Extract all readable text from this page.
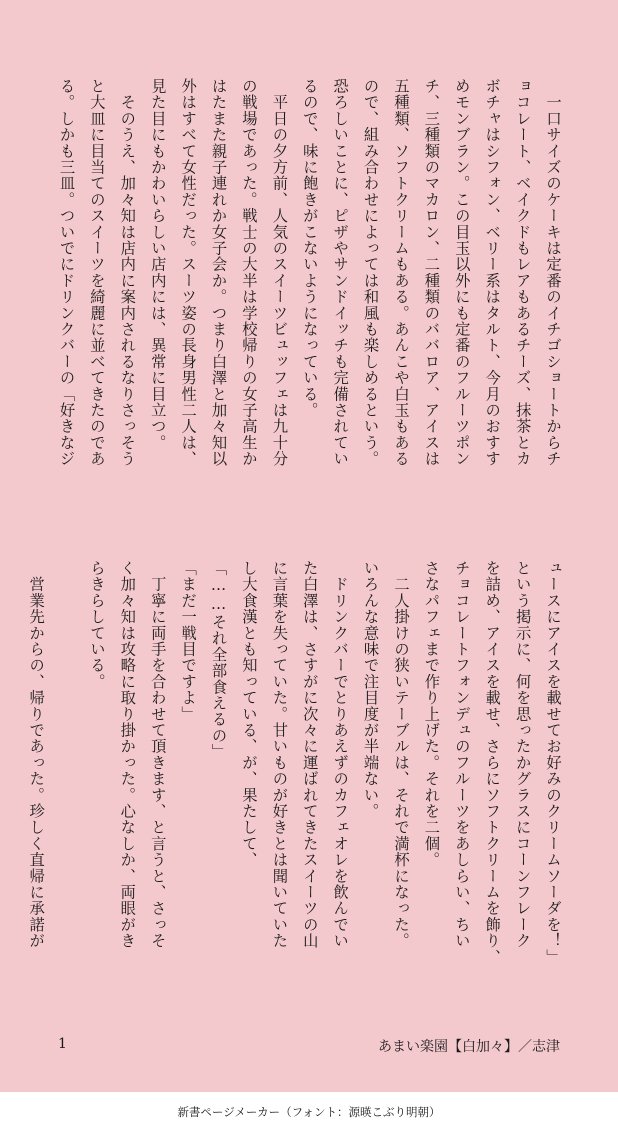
　一口サイズのケーキは定番のイチゴショートからチ
ョコレート、ベイクドもレアもあるチーズ、抹茶とカ
ボチャはシフォン、ベリー系はタルト、今月のおすす
めモンブラン。この目玉以外にも定番のフルーツポン
チ、三種類のマカロン、二種類のババロア、アイスは
五種類、ソフトクリームもある。あんこや白玉もある
ので、組み合わせによっては和風も楽しめるという。
恐ろしいことに、ピザやサンドイッチも完備されてい
るので、味に飽きがこないようになっている。
　平日の夕方前、人気のスイーツビュッフェは九十分
の戦場であった。戦士の大半は学校帰りの女子高生か
はたまた親子連れか女子会か。つまり白澤と加々知以
外はすべて女性だった。スーツ姿の長身男性二人は、
見た目にもかわいらしい店内には、異常に目立つ。
　そのうえ、加々知は店内に案内されるなりさっそう
と大皿に目当てのスイーツを綺麗に並べてきたのであ
る。しかも三皿。ついでにドリンクバーの「好きなジ
ュースにアイスを載せてお好みのクリームソーダを！」
という掲示に、何を思ったかグラスにコーンフレーク
を詰め、アイスを載せ、さらにソフトクリームを飾り、
チョコレートフォンデュのフルーツをあしらい、ちい
さなパフェまで作り上げた。それを二個。
　二人掛けの狭いテーブルは、それで満杯になった。
いろんな意味で注目度が半端ない。
　ドリンクバーでとりあえずのカフェオレを飲んでい
た白澤は、さすがに次々に運ばれてきたスイーツの山
に言葉を失っていた。甘いものが好きとは聞いていた
し大食漢とも知っている、が、果たして、
「……それ全部食えるの」
「まだ一戦目ですよ」
　丁寧に両手を合わせて頂きます、と言うと、さっそ
く加々知は攻略に取り掛かった。心なしか、両眼がき
らきらしている。

　営業先からの、帰りであった。珍しく直帰に承諾が
あまい楽園【白加々】／志津
1
新書ページメーカー（フォント：源暎こぶり明朝）
